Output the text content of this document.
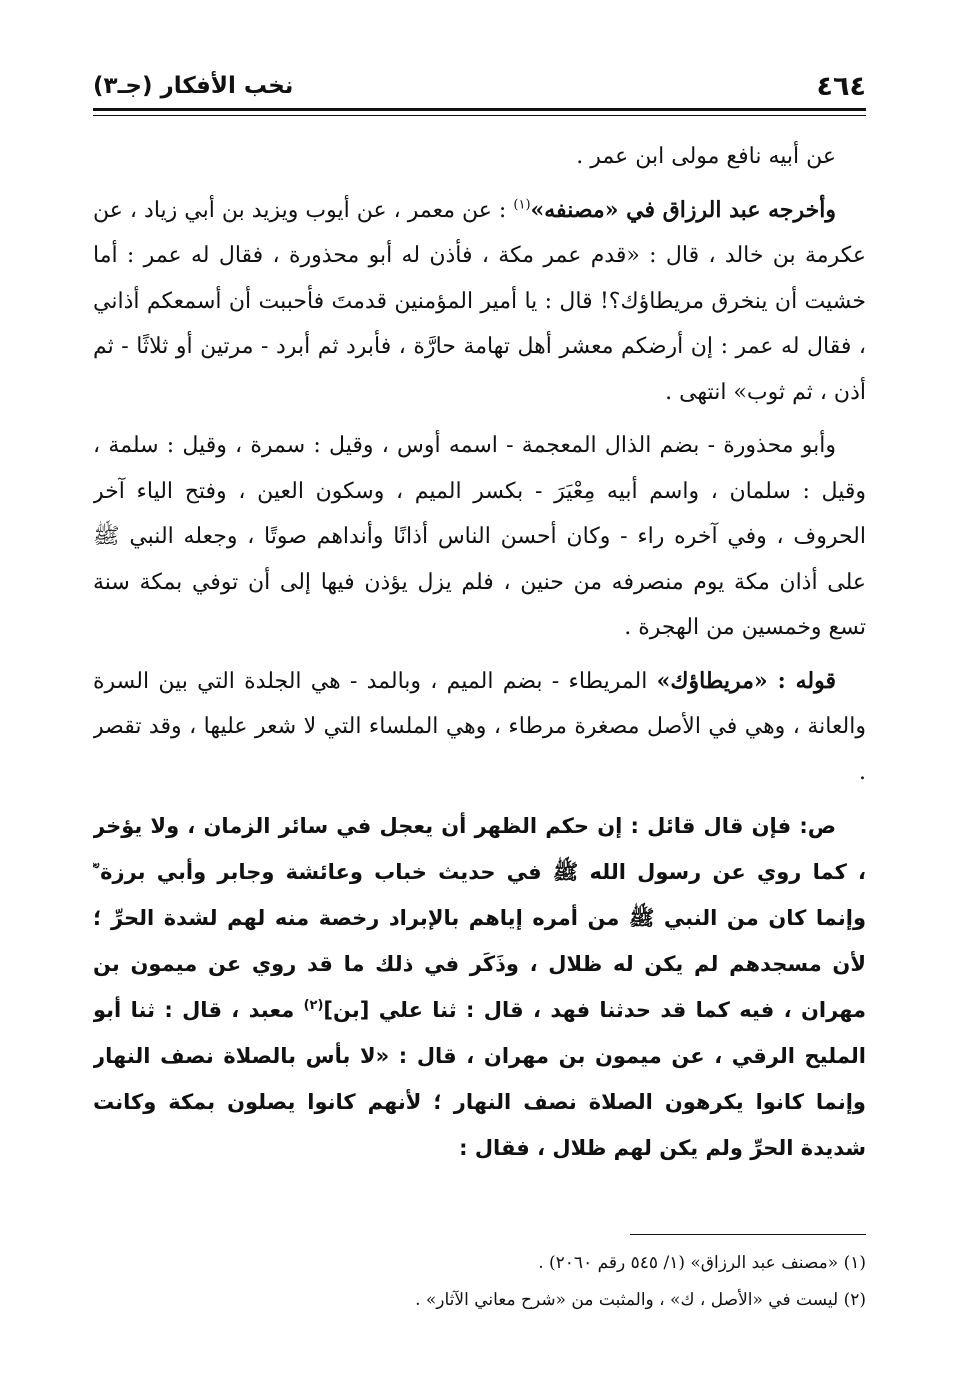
٤٦٤
نخب الأفكار (جـ٣)

عن أبيه نافع مولى ابن عمر .

وأخرجه عبد الرزاق في «مصنفه»$^{(١)}$ : عن معمر ، عن أيوب ويزيد بن أبي زياد ، عن عكرمة بن خالد ، قال : «قدم عمر مكة ، فأذن له أبو محذورة ، فقال له عمر : أما خشيت أن ينخرق مريطاؤك؟! قال : يا أمير المؤمنين قدمتَ فأحببت أن أسمعكم أذاني ، فقال له عمر : إن أرضكم معشر أهل تهامة حارَّة ، فأبرد ثم أبرد - مرتين أو ثلاثًا - ثم أذن ، ثم ثوب» انتهى .

وأبو محذورة - بضم الذال المعجمة - اسمه أوس ، وقيل : سمرة ، وقيل : سلمة ، وقيل : سلمان ، واسم أبيه مِعْيَرَ - بكسر الميم ، وسكون العين ، وفتح الياء آخر الحروف ، وفي آخره راء - وكان أحسن الناس أذانًا وأنداهم صوتًا ، وجعله النبي ﷺ على أذان مكة يوم منصرفه من حنين ، فلم يزل يؤذن فيها إلى أن توفي بمكة سنة تسع وخمسين من الهجرة .

قوله : «مريطاؤك» المريطاء - بضم الميم ، وبالمد - هي الجلدة التي بين السرة والعانة ، وهي في الأصل مصغرة مرطاء ، وهي الملساء التي لا شعر عليها ، وقد تقصر .

ص: فإن قال قائل : إن حكم الظهر أن يعجل في سائر الزمان ، ولا يؤخر ، كما روي عن رسول الله ﷺ في حديث خباب وعائشة وجابر وأبي برزة ؓ وإنما كان من النبي ﷺ من أمره إياهم بالإبراد رخصة منه لهم لشدة الحرِّ ؛ لأن مسجدهم لم يكن له ظلال ، وذَكَر في ذلك ما قد روي عن ميمون بن مهران ، فيه كما قد حدثنا فهد ، قال : ثنا علي [بن]$^{(٢)}$ معبد ، قال : ثنا أبو المليح الرقي ، عن ميمون بن مهران ، قال : «لا بأس بالصلاة نصف النهار وإنما كانوا يكرهون الصلاة نصف النهار ؛ لأنهم كانوا يصلون بمكة وكانت شديدة الحرِّ ولم يكن لهم ظلال ، فقال :

(١) «مصنف عبد الرزاق» (١/ ٥٤٥ رقم ٢٠٦٠) .
(٢) ليست في «الأصل ، ك» ، والمثبت من «شرح معاني الآثار» .
